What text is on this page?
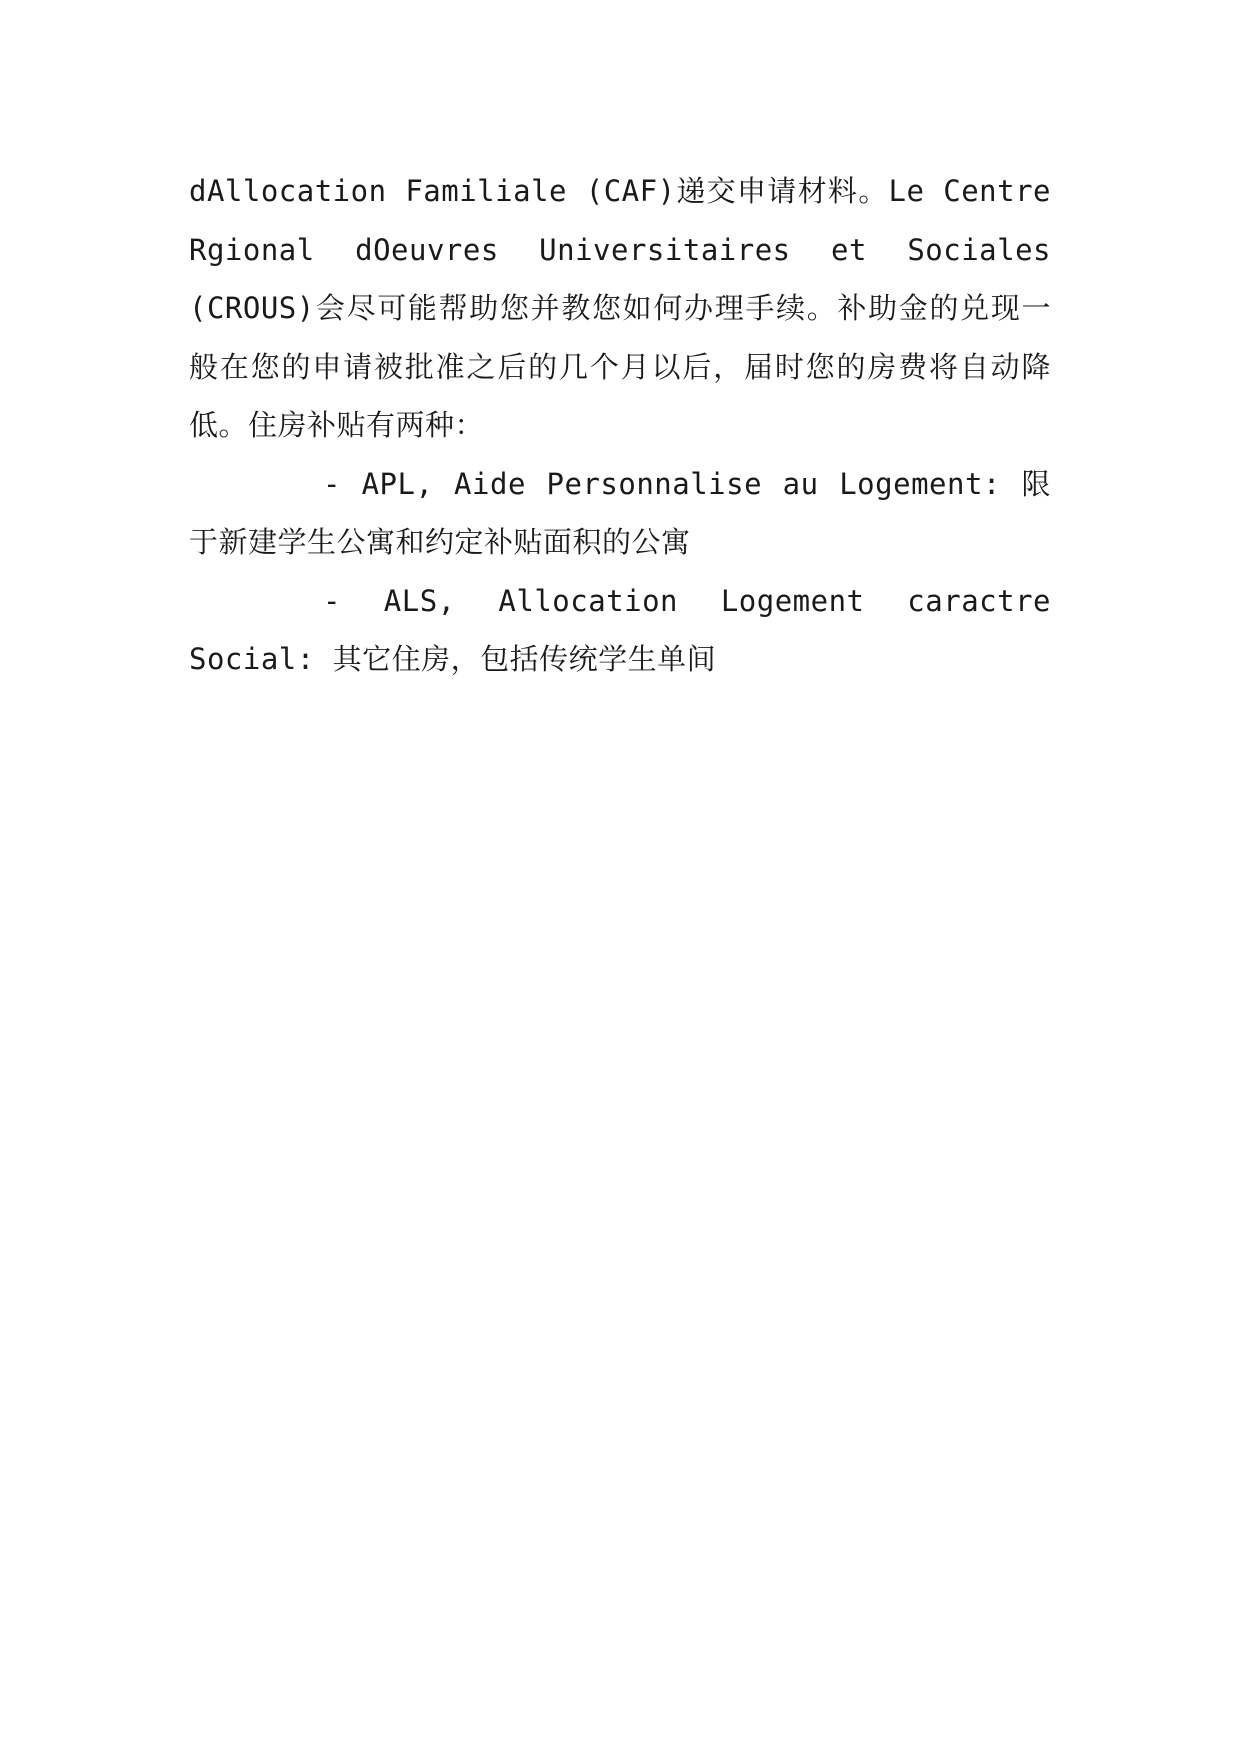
dAllocation Familiale (CAF)递交申请材料。Le Centre Rgional dOeuvres Universitaires et Sociales (CROUS)会尽可能帮助您并教您如何办理手续。补助金的兑现一般在您的申请被批准之后的几个月以后，届时您的房费将自动降低。住房补贴有两种：

- APL, Aide Personnalise au Logement: 限于新建学生公寓和约定补贴面积的公寓

- ALS, Allocation Logement caractre Social: 其它住房，包括传统学生单间
